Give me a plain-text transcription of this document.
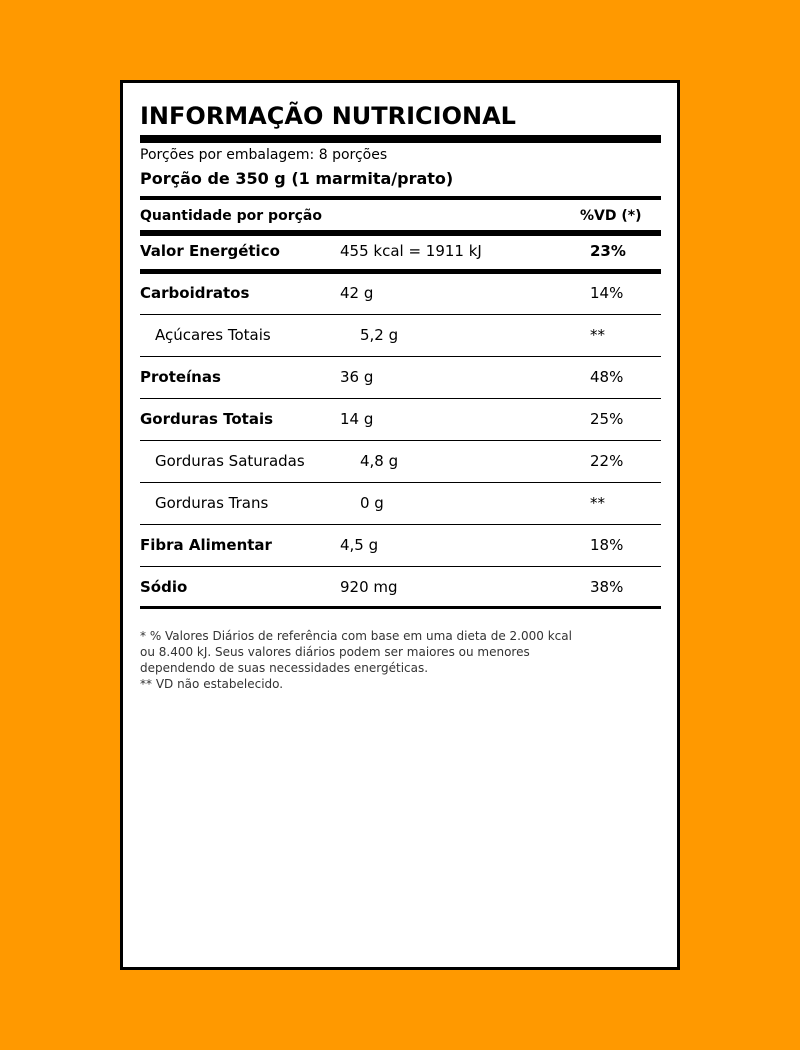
INFORMAÇÃO NUTRICIONAL
Porções por embalagem: 8 porções
Porção de 350 g (1 marmita/prato)
Quantidade por porção	%VD (*)
Valor Energético	455 kcal = 1911 kJ	23%
Carboidratos	42 g	14%
Açúcares Totais	5,2 g	**
Proteínas	36 g	48%
Gorduras Totais	14 g	25%
Gorduras Saturadas	4,8 g	22%
Gorduras Trans	0 g	**
Fibra Alimentar	4,5 g	18%
Sódio	920 mg	38%
* % Valores Diários de referência com base em uma dieta de 2.000 kcal
ou 8.400 kJ. Seus valores diários podem ser maiores ou menores
dependendo de suas necessidades energéticas.
** VD não estabelecido.
